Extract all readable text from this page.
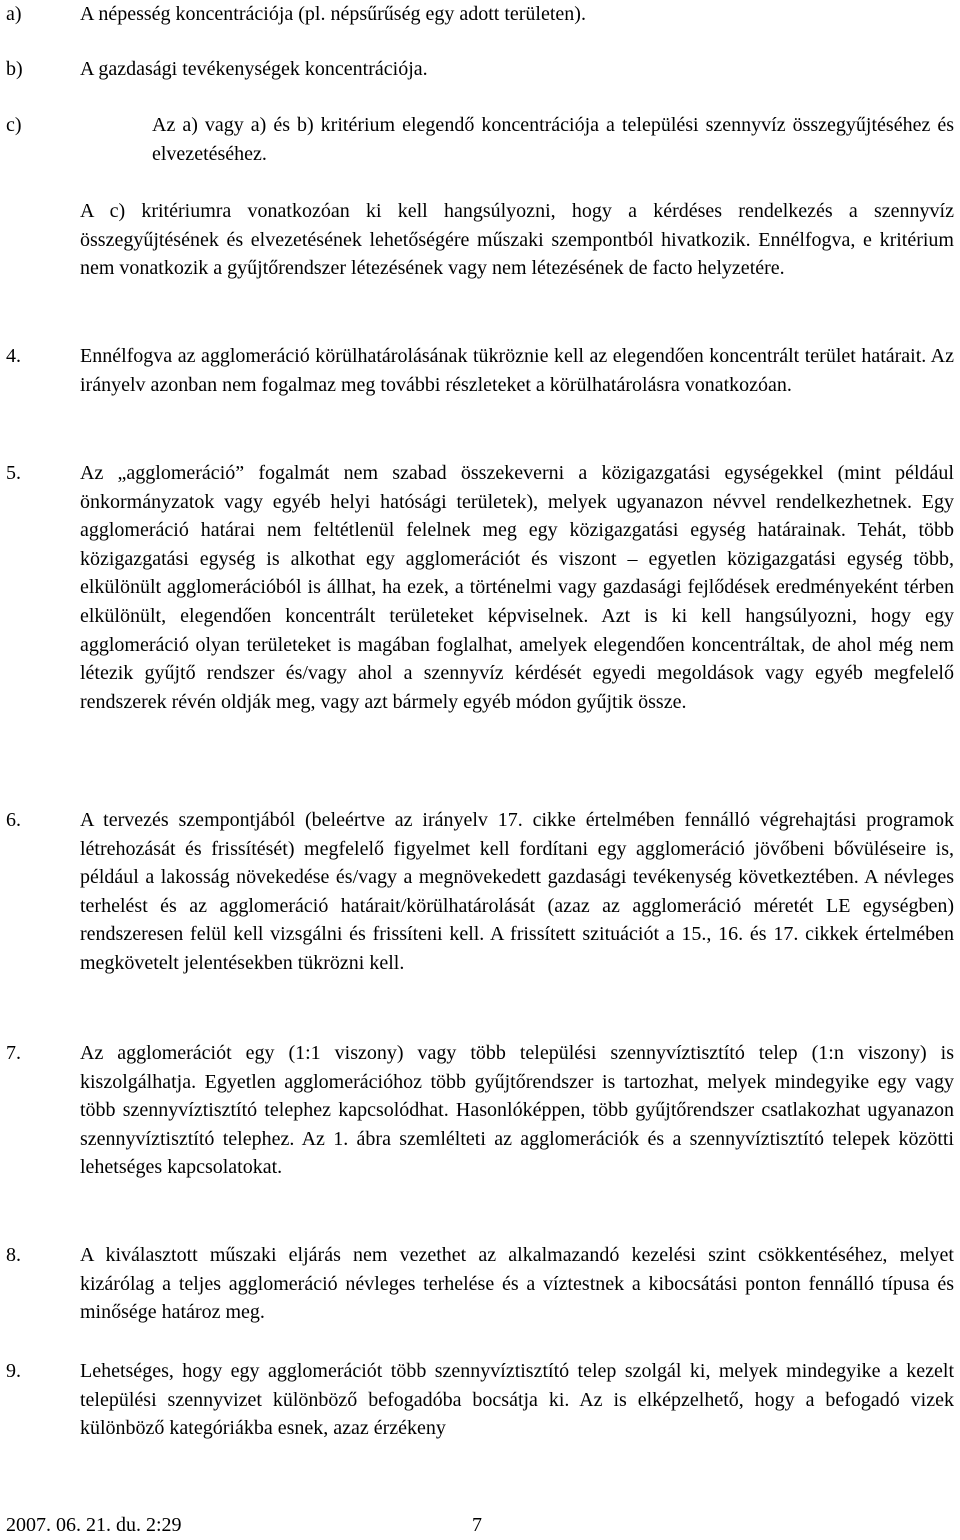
a)	A népesség koncentrációja (pl. népsűrűség egy adott területen).
b)	A gazdasági tevékenységek koncentrációja.
c)	Az a) vagy a) és b) kritérium elegendő koncentrációja a települési szennyvíz összegyűjtéséhez és elvezetéséhez.
A c) kritériumra vonatkozóan ki kell hangsúlyozni, hogy a kérdéses rendelkezés a szennyvíz összegyűjtésének és elvezetésének lehetőségére műszaki szempontból hivatkozik. Ennélfogva, e kritérium nem vonatkozik a gyűjtőrendszer létezésének vagy nem létezésének de facto helyzetére.
4.	Ennélfogva az agglomeráció körülhatárolásának tükröznie kell az elegendően koncentrált terület határait. Az irányelv azonban nem fogalmaz meg további részleteket a körülhatárolásra vonatkozóan.
5.	Az „agglomeráció” fogalmát nem szabad összekeverni a közigazgatási egységekkel (mint például önkormányzatok vagy egyéb helyi hatósági területek), melyek ugyanazon névvel rendelkezhetnek. Egy agglomeráció határai nem feltétlenül felelnek meg egy közigazgatási egység határainak. Tehát, több közigazgatási egység is alkothat egy agglomerációt és viszont – egyetlen közigazgatási egység több, elkülönült agglomerációból is állhat, ha ezek, a történelmi vagy gazdasági fejlődések eredményeként térben elkülönült, elegendően koncentrált területeket képviselnek. Azt is ki kell hangsúlyozni, hogy egy agglomeráció olyan területeket is magában foglalhat, amelyek elegendően koncentráltak, de ahol még nem létezik gyűjtő rendszer és/vagy ahol a szennyvíz kérdését egyedi megoldások vagy egyéb megfelelő rendszerek révén oldják meg, vagy azt bármely egyéb módon gyűjtik össze.
6.	A tervezés szempontjából (beleértve az irányelv 17. cikke értelmében fennálló végrehajtási programok létrehozását és frissítését) megfelelő figyelmet kell fordítani egy agglomeráció jövőbeni bővüléseire is, például a lakosság növekedése és/vagy a megnövekedett gazdasági tevékenység következtében. A névleges terhelést és az agglomeráció határait/körülhatárolását (azaz az agglomeráció méretét LE egységben) rendszeresen felül kell vizsgálni és frissíteni kell. A frissített szituációt a 15., 16. és 17. cikkek értelmében megkövetelt jelentésekben tükrözni kell.
7.	Az agglomerációt egy (1:1 viszony) vagy több települési szennyvíztisztító telep (1:n viszony) is kiszolgálhatja. Egyetlen agglomerációhoz több gyűjtőrendszer is tartozhat, melyek mindegyike egy vagy több szennyvíztisztító telephez kapcsolódhat. Hasonlóképpen, több gyűjtőrendszer csatlakozhat ugyanazon szennyvíztisztító telephez. Az 1. ábra szemlélteti az agglomerációk és a szennyvíztisztító telepek közötti lehetséges kapcsolatokat.
8.	A kiválasztott műszaki eljárás nem vezethet az alkalmazandó kezelési szint csökkentéséhez, melyet kizárólag a teljes agglomeráció névleges terhelése és a víztestnek a kibocsátási ponton fennálló típusa és minősége határoz meg.
9.	Lehetséges, hogy egy agglomerációt több szennyvíztisztító telep szolgál ki, melyek mindegyike a kezelt települési szennyvizet különböző befogadóba bocsátja ki. Az is elképzelhető, hogy a befogadó vizek különböző kategóriákba esnek, azaz érzékeny
2007. 06. 21. du. 2:29	7
